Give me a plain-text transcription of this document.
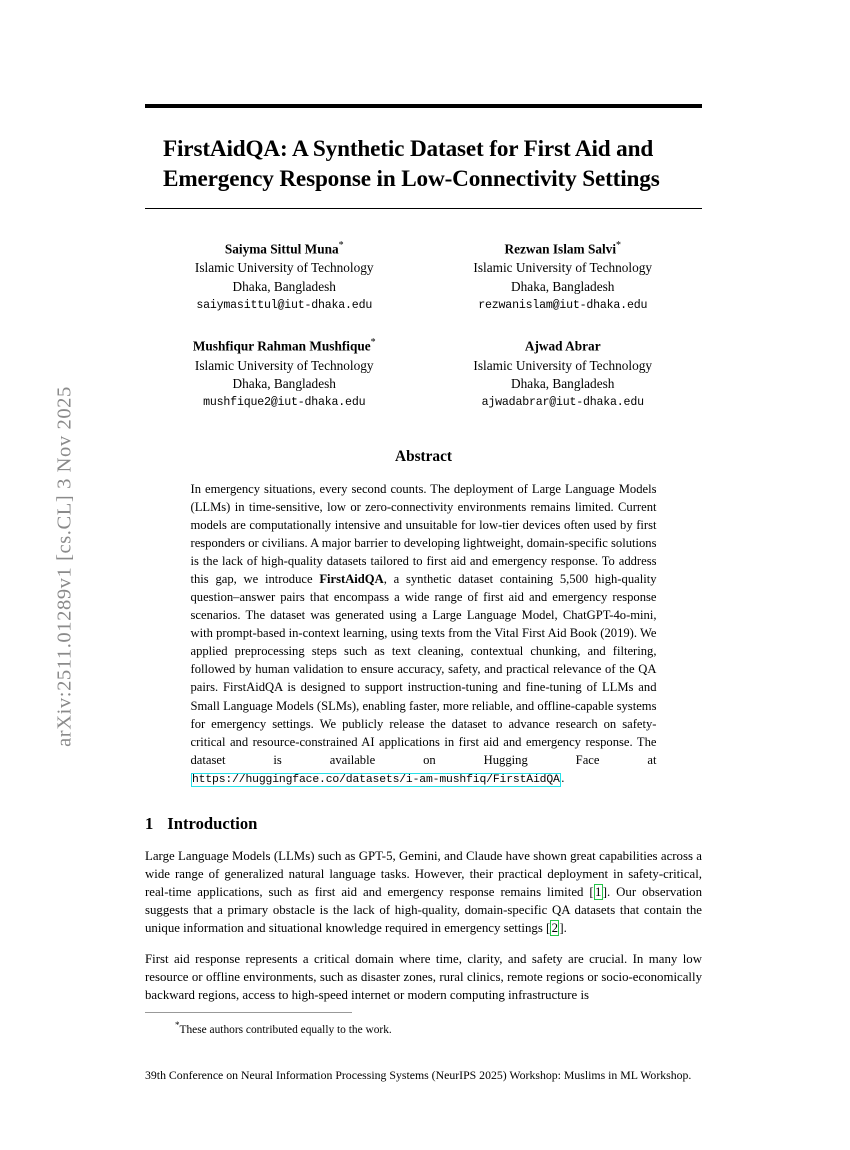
arXiv:2511.01289v1 [cs.CL] 3 Nov 2025
FirstAidQA: A Synthetic Dataset for First Aid and Emergency Response in Low-Connectivity Settings
Saiyma Sittul Muna*
Islamic University of Technology
Dhaka, Bangladesh
saiymasittul@iut-dhaka.edu
Rezwan Islam Salvi*
Islamic University of Technology
Dhaka, Bangladesh
rezwanislam@iut-dhaka.edu
Mushfiqur Rahman Mushfique*
Islamic University of Technology
Dhaka, Bangladesh
mushfique2@iut-dhaka.edu
Ajwad Abrar
Islamic University of Technology
Dhaka, Bangladesh
ajwadabrar@iut-dhaka.edu
Abstract
In emergency situations, every second counts. The deployment of Large Language Models (LLMs) in time-sensitive, low or zero-connectivity environments remains limited. Current models are computationally intensive and unsuitable for low-tier devices often used by first responders or civilians. A major barrier to developing lightweight, domain-specific solutions is the lack of high-quality datasets tailored to first aid and emergency response. To address this gap, we introduce FirstAidQA, a synthetic dataset containing 5,500 high-quality question–answer pairs that encompass a wide range of first aid and emergency response scenarios. The dataset was generated using a Large Language Model, ChatGPT-4o-mini, with prompt-based in-context learning, using texts from the Vital First Aid Book (2019). We applied preprocessing steps such as text cleaning, contextual chunking, and filtering, followed by human validation to ensure accuracy, safety, and practical relevance of the QA pairs. FirstAidQA is designed to support instruction-tuning and fine-tuning of LLMs and Small Language Models (SLMs), enabling faster, more reliable, and offline-capable systems for emergency settings. We publicly release the dataset to advance research on safety-critical and resource-constrained AI applications in first aid and emergency response. The dataset is available on Hugging Face at https://huggingface.co/datasets/i-am-mushfiq/FirstAidQA .
1 Introduction
Large Language Models (LLMs) such as GPT-5, Gemini, and Claude have shown great capabilities across a wide range of generalized natural language tasks. However, their practical deployment in safety-critical, real-time applications, such as first aid and emergency response remains limited [1]. Our observation suggests that a primary obstacle is the lack of high-quality, domain-specific QA datasets that contain the unique information and situational knowledge required in emergency settings [2].
First aid response represents a critical domain where time, clarity, and safety are crucial. In many low resource or offline environments, such as disaster zones, rural clinics, remote regions or socio-economically backward regions, access to high-speed internet or modern computing infrastructure is
*These authors contributed equally to the work.
39th Conference on Neural Information Processing Systems (NeurIPS 2025) Workshop: Muslims in ML Workshop.
